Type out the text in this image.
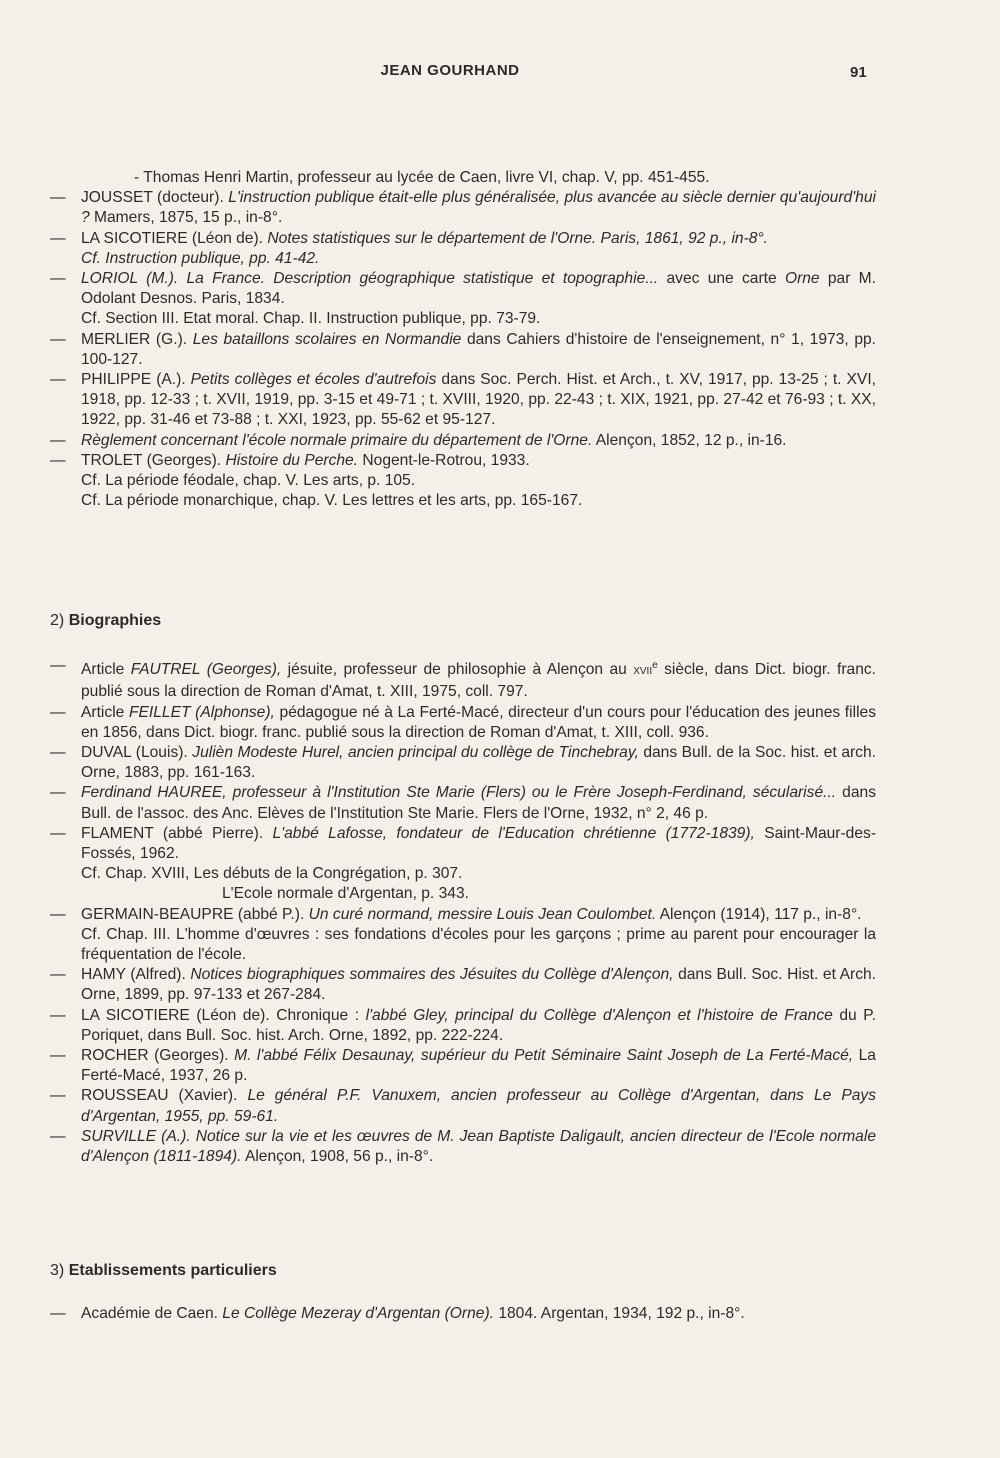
JEAN GOURHAND	91
- Thomas Henri Martin, professeur au lycée de Caen, livre VI, chap. V, pp. 451-455.
— JOUSSET (docteur). L'instruction publique était-elle plus généralisée, plus avancée au siècle dernier qu'aujourd'hui ? Mamers, 1875, 15 p., in-8°.
— LA SICOTIERE (Léon de). Notes statistiques sur le département de l'Orne. Paris, 1861, 92 p., in-8°.
Cf. Instruction publique, pp. 41-42.
— LORIOL (M.). La France. Description géographique statistique et topographie... avec une carte Orne par M. Odolant Desnos. Paris, 1834.
Cf. Section III. Etat moral. Chap. II. Instruction publique, pp. 73-79.
— MERLIER (G.). Les bataillons scolaires en Normandie dans Cahiers d'histoire de l'enseignement, n° 1, 1973, pp. 100-127.
— PHILIPPE (A.). Petits collèges et écoles d'autrefois dans Soc. Perch. Hist. et Arch., t. XV, 1917, pp. 13-25 ; t. XVI, 1918, pp. 12-33 ; t. XVII, 1919, pp. 3-15 et 49-71 ; t. XVIII, 1920, pp. 22-43 ; t. XIX, 1921, pp. 27-42 et 76-93 ; t. XX, 1922, pp. 31-46 et 73-88 ; t. XXI, 1923, pp. 55-62 et 95-127.
— Règlement concernant l'école normale primaire du département de l'Orne. Alençon, 1852, 12 p., in-16.
— TROLET (Georges). Histoire du Perche. Nogent-le-Rotrou, 1933.
Cf. La période féodale, chap. V. Les arts, p. 105.
Cf. La période monarchique, chap. V. Les lettres et les arts, pp. 165-167.
2) Biographies
— Article FAUTREL (Georges), jésuite, professeur de philosophie à Alençon au XVIIe siècle, dans Dict. biogr. franc. publié sous la direction de Roman d'Amat, t. XIII, 1975, coll. 797.
— Article FEILLET (Alphonse), pédagogue né à La Ferté-Macé, directeur d'un cours pour l'éducation des jeunes filles en 1856, dans Dict. biogr. franc. publié sous la direction de Roman d'Amat, t. XIII, coll. 936.
— DUVAL (Louis). Julièn Modeste Hurel, ancien principal du collège de Tinchebray, dans Bull. de la Soc. hist. et arch. Orne, 1883, pp. 161-163.
— Ferdinand HAUREE, professeur à l'Institution Ste Marie (Flers) ou le Frère Joseph-Ferdinand, sécularisé... dans Bull. de l'assoc. des Anc. Elèves de l'Institution Ste Marie. Flers de l'Orne, 1932, n° 2, 46 p.
— FLAMENT (abbé Pierre). L'abbé Lafosse, fondateur de l'Education chrétienne (1772-1839), Saint-Maur-des-Fossés, 1962.
Cf. Chap. XVIII, Les débuts de la Congrégation, p. 307.
L'Ecole normale d'Argentan, p. 343.
— GERMAIN-BEAUPRE (abbé P.). Un curé normand, messire Louis Jean Coulombet. Alençon (1914), 117 p., in-8°.
Cf. Chap. III. L'homme d'œuvres : ses fondations d'écoles pour les garçons ; prime au parent pour encourager la fréquentation de l'école.
— HAMY (Alfred). Notices biographiques sommaires des Jésuites du Collège d'Alençon, dans Bull. Soc. Hist. et Arch. Orne, 1899, pp. 97-133 et 267-284.
— LA SICOTIERE (Léon de). Chronique : l'abbé Gley, principal du Collège d'Alençon et l'histoire de France du P. Poriquet, dans Bull. Soc. hist. Arch. Orne, 1892, pp. 222-224.
— ROCHER (Georges). M. l'abbé Félix Desaunay, supérieur du Petit Séminaire Saint Joseph de La Ferté-Macé, La Ferté-Macé, 1937, 26 p.
— ROUSSEAU (Xavier). Le général P.F. Vanuxem, ancien professeur au Collège d'Argentan, dans Le Pays d'Argentan, 1955, pp. 59-61.
— SURVILLE (A.). Notice sur la vie et les œuvres de M. Jean Baptiste Daligault, ancien directeur de l'Ecole normale d'Alençon (1811-1894). Alençon, 1908, 56 p., in-8°.
3) Etablissements particuliers
— Académie de Caen. Le Collège Mezeray d'Argentan (Orne). 1804. Argentan, 1934, 192 p., in-8°.
